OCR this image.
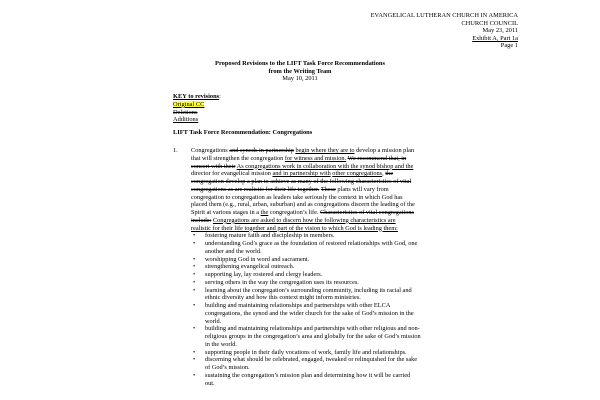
EVANGELICAL LUTHERAN CHURCH IN AMERICA
CHURCH COUNCIL
May 23, 2011
Exhibit A, Part 1a
Page 1
Proposed Revisions to the LIFT Task Force Recommendations
from the Writing Team
May 10, 2011
KEY to revisions:
Original CC
Deletions
Additions
LIFT Task Force Recommendation: Congregations
1.	Congregations and synods in partnership begin where they are to develop a mission plan
that will strengthen the congregation for witness and mission. We recommend that, in
concert with their As congregations work in collaboration with the synod bishop and the
director for evangelical mission and in partnership with other congregations, the
congregation develop a plan to achieve as many of the following characteristics of vital
congregations as are realistic for their life together. These plans will vary from
congregation to congregation as leaders take seriously the context in which God has
placed them (e.g., rural, urban, suburban) and as congregations discern the leading of the
Spirit at various stages in a the congregation’s life. Characteristics of vital congregations
include: Congregations are asked to discern how the following characteristics are
realistic for their life together and part of the vision to which God is leading them:
• fostering mature faith and discipleship in members.
• understanding God’s grace as the foundation of restored relationships with God, one
another and the world.
• worshipping God in word and sacrament.
• strengthening evangelical outreach.
• supporting lay, lay rostered and clergy leaders.
• serving others in the way the congregation uses its resources.
• learning about the congregation’s surrounding community, including its racial and
ethnic diversity and how this context might inform ministries.
• building and maintaining relationships and partnerships with other ELCA
congregations, the synod and the wider church for the sake of God’s mission in the
world.
• building and maintaining relationships and partnerships with other religious and non-
religious groups in the congregation’s area and globally for the sake of God’s mission
in the world.
• supporting people in their daily vocations of work, family life and relationships.
• discerning what should be celebrated, engaged, tweaked or relinquished for the sake
of God’s mission.
• sustaining the congregation’s mission plan and determining how it will be carried
out.
